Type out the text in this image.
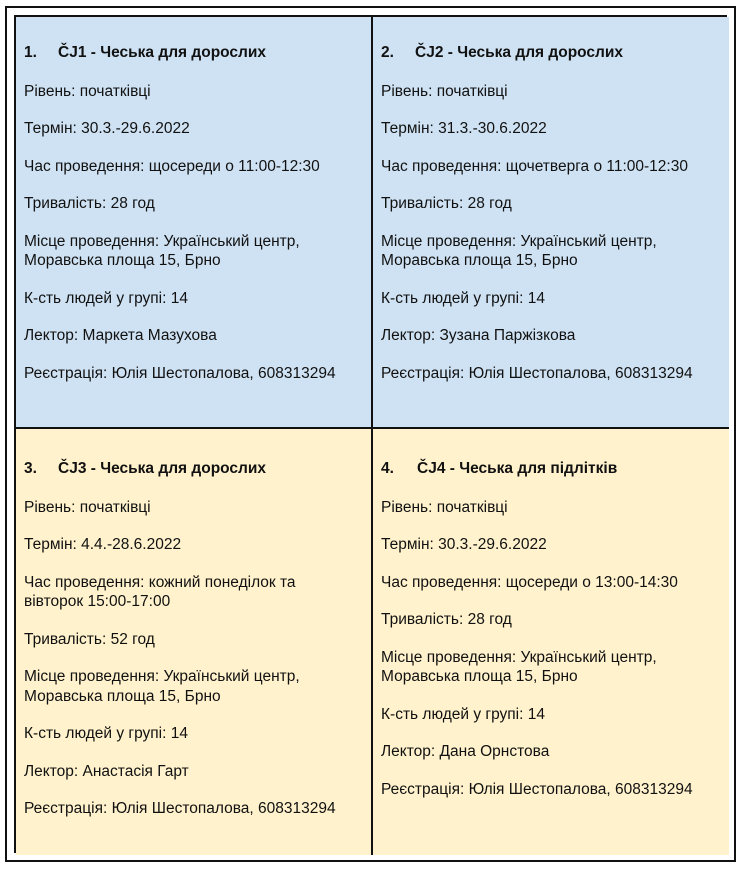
1. ČJ1 - Чеська для дорослих
Рівень: початківці
Термін: 30.3.-29.6.2022
Час проведення: щосереди о 11:00-12:30
Тривалість: 28 год
Місце проведення: Український центр,
Моравська площа 15, Брно
К-сть людей у групі: 14
Лектор: Маркета Мазухова
Реєстрація: Юлія Шестопалова, 608313294
2. ČJ2 - Чеська для дорослих
Рівень: початківці
Термін: 31.3.-30.6.2022
Час проведення: щочетверга о 11:00-12:30
Тривалість: 28 год
Місце проведення: Український центр,
Моравська площа 15, Брно
К-сть людей у групі: 14
Лектор: Зузана Паржізкова
Реєстрація: Юлія Шестопалова, 608313294
3. ČJ3 - Чеська для дорослих
Рівень: початківці
Термін: 4.4.-28.6.2022
Час проведення: кожний понеділок та
вівторок 15:00-17:00
Тривалість: 52 год
Місце проведення: Український центр,
Моравська площа 15, Брно
К-сть людей у групі: 14
Лектор: Анастасія Гарт
Реєстрація: Юлія Шестопалова, 608313294
4. ČJ4 - Чеська для підлітків
Рівень: початківці
Термін: 30.3.-29.6.2022
Час проведення: щосереди о 13:00-14:30
Тривалість: 28 год
Місце проведення: Український центр,
Моравська площа 15, Брно
К-сть людей у групі: 14
Лектор: Дана Орнстова
Реєстрація: Юлія Шестопалова, 608313294
